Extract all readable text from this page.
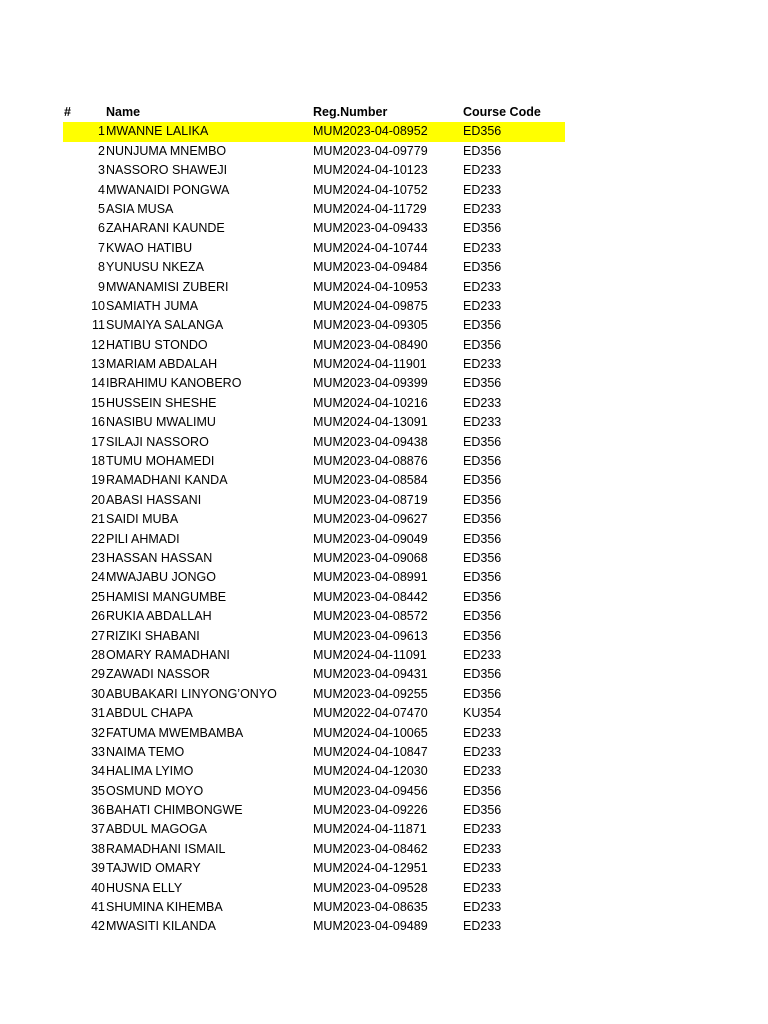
#	Name	Reg.Number	Course Code
1 MWANNE LALIKA	MUM2023-04-08952	ED356
2 NUNJUMA MNEMBO	MUM2023-04-09779	ED356
3 NASSORO SHAWEJI	MUM2024-04-10123	ED233
4 MWANAIDI PONGWA	MUM2024-04-10752	ED233
5 ASIA MUSA	MUM2024-04-11729	ED233
6 ZAHARANI KAUNDE	MUM2023-04-09433	ED356
7 KWAO HATIBU	MUM2024-04-10744	ED233
8 YUNUSU NKEZA	MUM2023-04-09484	ED356
9 MWANAMISI ZUBERI	MUM2024-04-10953	ED233
10 SAMIATH JUMA	MUM2024-04-09875	ED233
11 SUMAIYA SALANGA	MUM2023-04-09305	ED356
12 HATIBU STONDO	MUM2023-04-08490	ED356
13 MARIAM ABDALAH	MUM2024-04-11901	ED233
14 IBRAHIMU KANOBERO	MUM2023-04-09399	ED356
15 HUSSEIN SHESHE	MUM2024-04-10216	ED233
16 NASIBU MWALIMU	MUM2024-04-13091	ED233
17 SILAJI NASSORO	MUM2023-04-09438	ED356
18 TUMU MOHAMEDI	MUM2023-04-08876	ED356
19 RAMADHANI KANDA	MUM2023-04-08584	ED356
20 ABASI HASSANI	MUM2023-04-08719	ED356
21 SAIDI MUBA	MUM2023-04-09627	ED356
22 PILI AHMADI	MUM2023-04-09049	ED356
23 HASSAN HASSAN	MUM2023-04-09068	ED356
24 MWAJABU JONGO	MUM2023-04-08991	ED356
25 HAMISI MANGUMBE	MUM2023-04-08442	ED356
26 RUKIA ABDALLAH	MUM2023-04-08572	ED356
27 RIZIKI SHABANI	MUM2023-04-09613	ED356
28 OMARY RAMADHANI	MUM2024-04-11091	ED233
29 ZAWADI NASSOR	MUM2023-04-09431	ED356
30 ABUBAKARI LINYONG’ONYO	MUM2023-04-09255	ED356
31 ABDUL CHAPA	MUM2022-04-07470	KU354
32 FATUMA MWEMBAMBA	MUM2024-04-10065	ED233
33 NAIMA TEMO	MUM2024-04-10847	ED233
34 HALIMA LYIMO	MUM2024-04-12030	ED233
35 OSMUND MOYO	MUM2023-04-09456	ED356
36 BAHATI CHIMBONGWE	MUM2023-04-09226	ED356
37 ABDUL MAGOGA	MUM2024-04-11871	ED233
38 RAMADHANI ISMAIL	MUM2023-04-08462	ED233
39 TAJWID OMARY	MUM2024-04-12951	ED233
40 HUSNA ELLY	MUM2023-04-09528	ED233
41 SHUMINA KIHEMBA	MUM2023-04-08635	ED233
42 MWASITI KILANDA	MUM2023-04-09489	ED233
